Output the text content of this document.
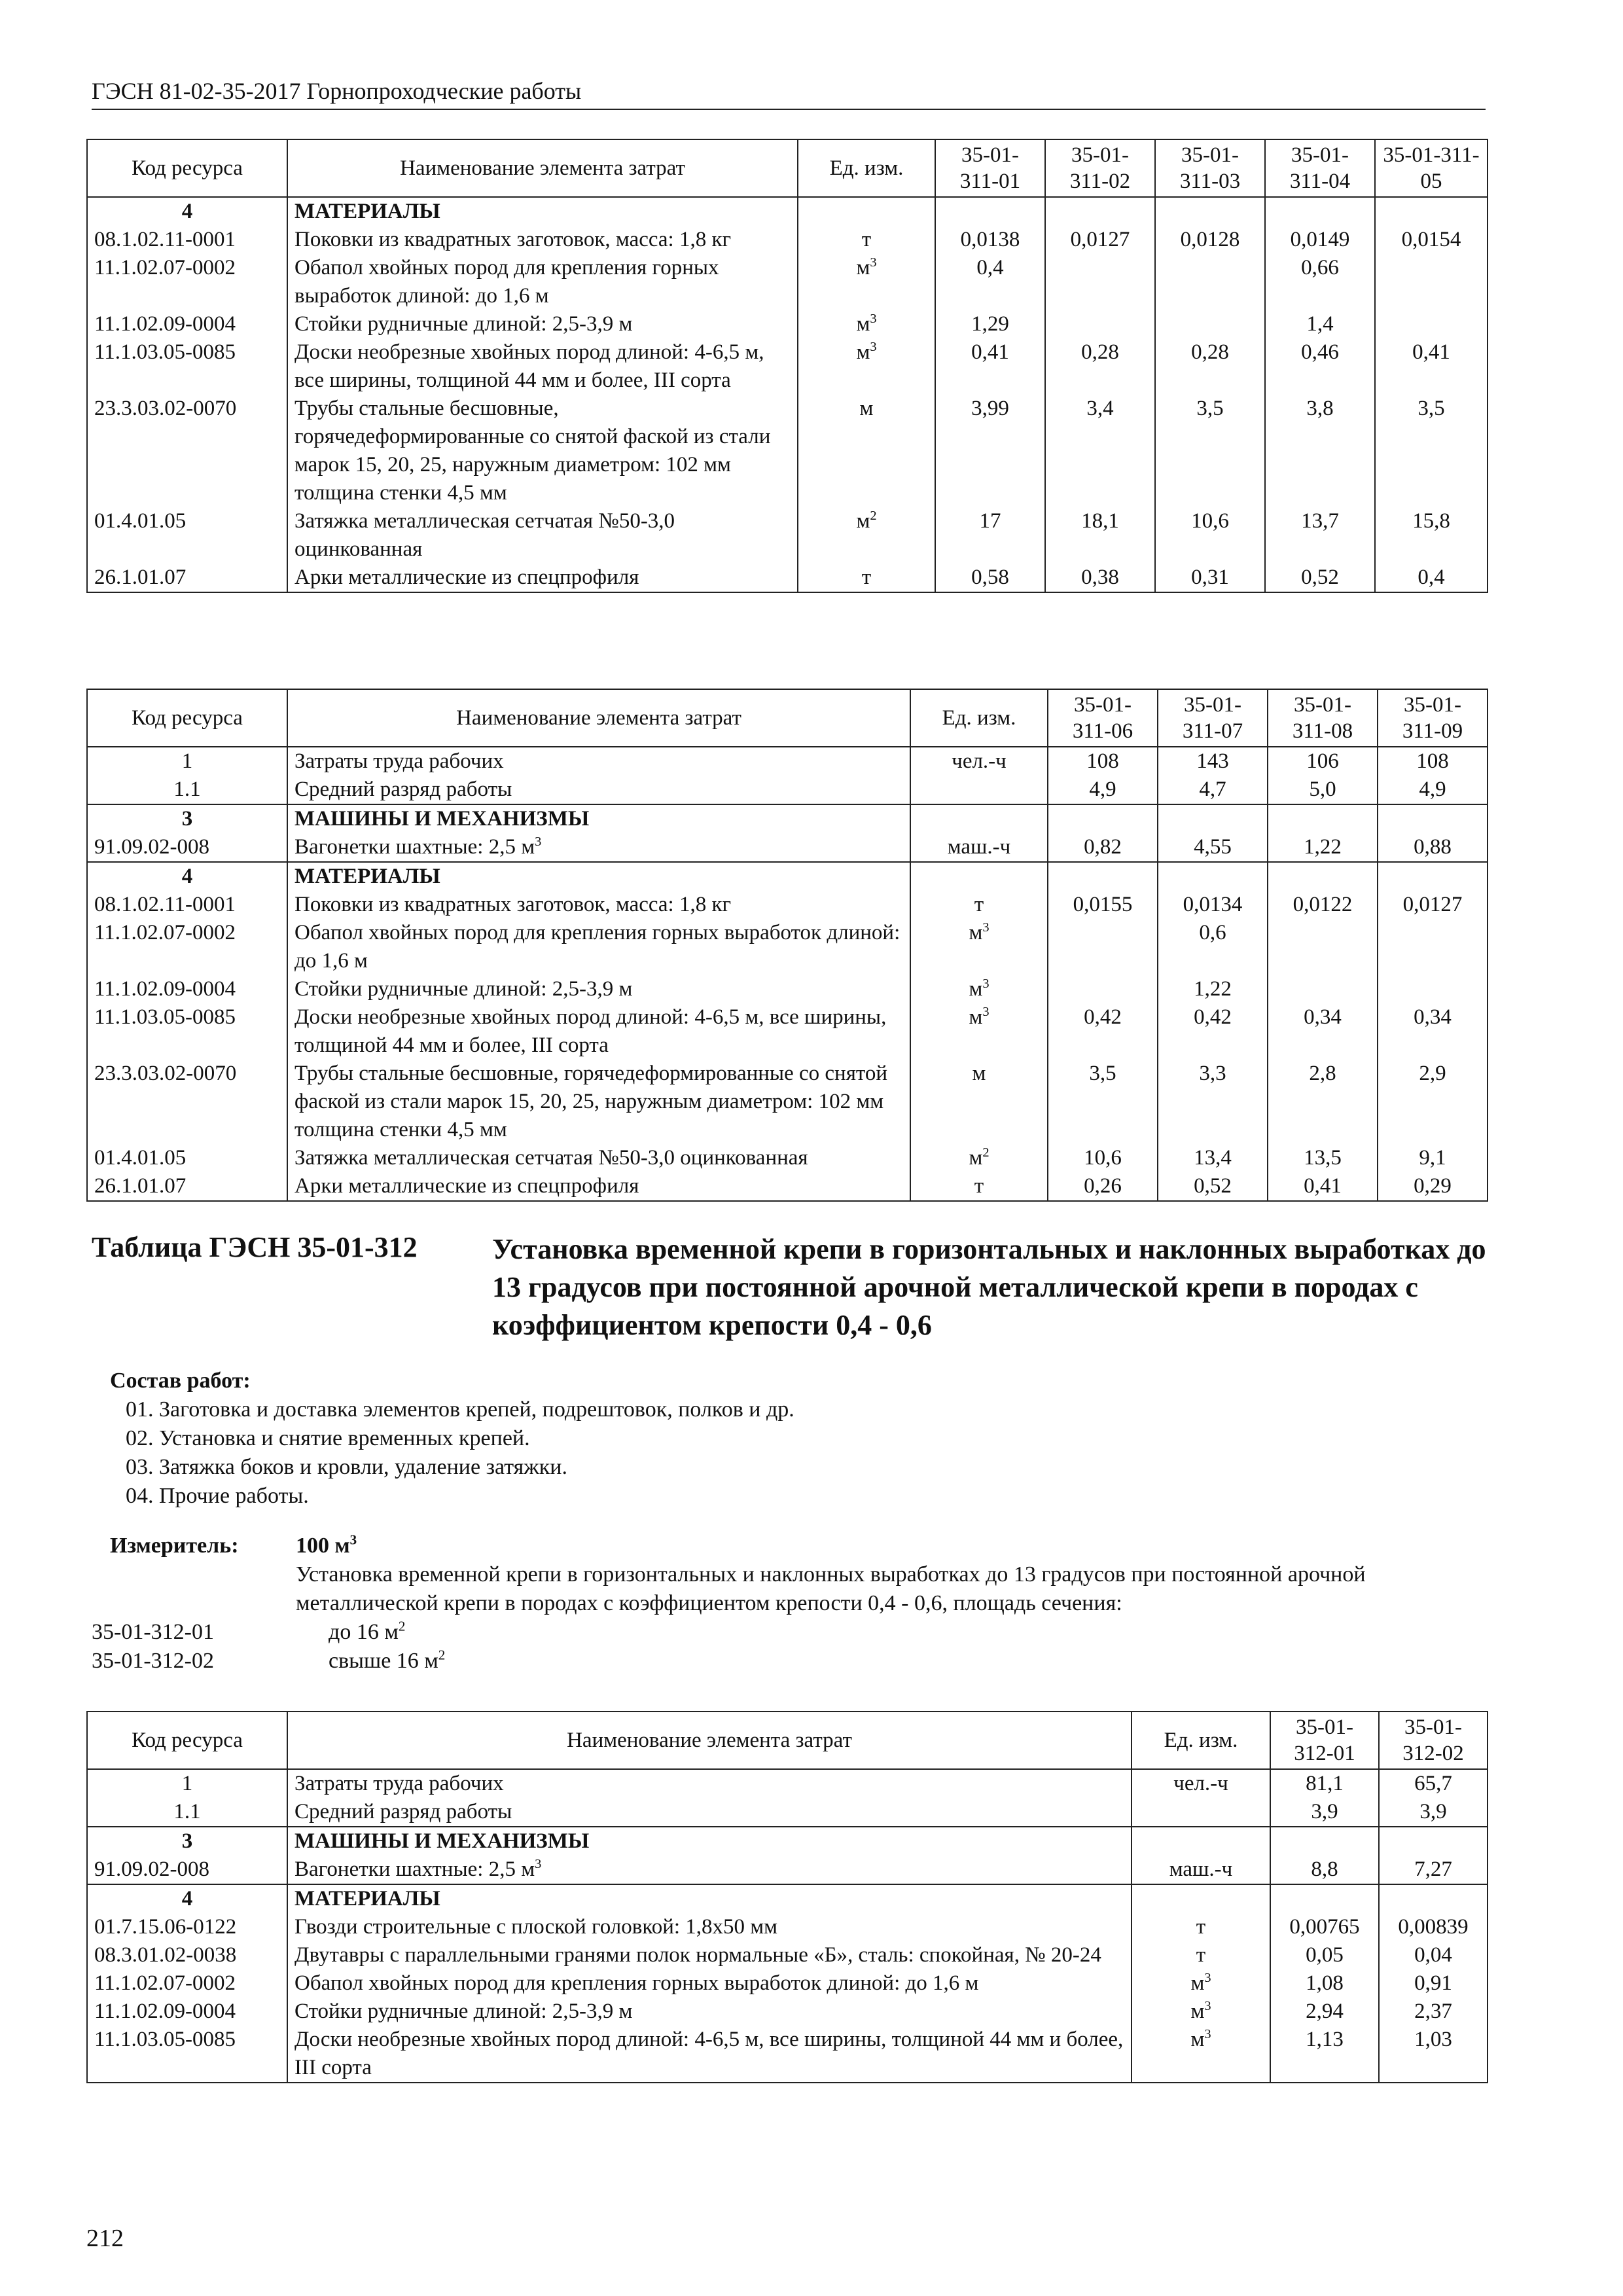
ГЭСН 81-02-35-2017 Горнопроходческие работы
Код ресурса	Наименование элемента затрат	Ед. изм.	35-01-311-01	35-01-311-02	35-01-311-03	35-01-311-04	35-01-311-05
4	МАТЕРИАЛЫ						
08.1.02.11-0001	Поковки из квадратных заготовок, масса: 1,8 кг	т	0,0138	0,0127	0,0128	0,0149	0,0154
11.1.02.07-0002	Обапол хвойных пород для крепления горных выработок длиной: до 1,6 м	$м^3$	0,4			0,66	
11.1.02.09-0004	Стойки рудничные длиной: 2,5-3,9 м	$м^3$	1,29			1,4	
11.1.03.05-0085	Доски необрезные хвойных пород длиной: 4-6,5 м, все ширины, толщиной 44 мм и более, III сорта	$м^3$	0,41	0,28	0,28	0,46	0,41
23.3.03.02-0070	Трубы стальные бесшовные, горячедеформированные со снятой фаской из стали марок 15, 20, 25, наружным диаметром: 102 мм толщина стенки 4,5 мм	м	3,99	3,4	3,5	3,8	3,5
01.4.01.05	Затяжка металлическая сетчатая №50-3,0 оцинкованная	$м^2$	17	18,1	10,6	13,7	15,8
26.1.01.07	Арки металлические из спецпрофиля	т	0,58	0,38	0,31	0,52	0,4
Код ресурса	Наименование элемента затрат	Ед. изм.	35-01-311-06	35-01-311-07	35-01-311-08	35-01-311-09
1	Затраты труда рабочих	чел.-ч	108	143	106	108
1.1	Средний разряд работы		4,9	4,7	5,0	4,9
3	МАШИНЫ И МЕХАНИЗМЫ					
91.09.02-008	Вагонетки шахтные: 2,5 $м^3$	маш.-ч	0,82	4,55	1,22	0,88
4	МАТЕРИАЛЫ					
08.1.02.11-0001	Поковки из квадратных заготовок, масса: 1,8 кг	т	0,0155	0,0134	0,0122	0,0127
11.1.02.07-0002	Обапол хвойных пород для крепления горных выработок длиной: до 1,6 м	$м^3$		0,6		
11.1.02.09-0004	Стойки рудничные длиной: 2,5-3,9 м	$м^3$		1,22		
11.1.03.05-0085	Доски необрезные хвойных пород длиной: 4-6,5 м, все ширины, толщиной 44 мм и более, III сорта	$м^3$	0,42	0,42	0,34	0,34
23.3.03.02-0070	Трубы стальные бесшовные, горячедеформированные со снятой фаской из стали марок 15, 20, 25, наружным диаметром: 102 мм толщина стенки 4,5 мм	м	3,5	3,3	2,8	2,9
01.4.01.05	Затяжка металлическая сетчатая №50-3,0 оцинкованная	$м^2$	10,6	13,4	13,5	9,1
26.1.01.07	Арки металлические из спецпрофиля	т	0,26	0,52	0,41	0,29
Таблица ГЭСН 35-01-312	Установка временной крепи в горизонтальных и наклонных выработках до 13 градусов при постоянной арочной металлической крепи в породах с коэффициентом крепости 0,4 - 0,6
Состав работ:
01. Заготовка и доставка элементов крепей, подрештовок, полков и др.
02. Установка и снятие временных крепей.
03. Затяжка боков и кровли, удаление затяжки.
04. Прочие работы.
Измеритель:	100 $м^3$
Установка временной крепи в горизонтальных и наклонных выработках до 13 градусов при постоянной арочной металлической крепи в породах с коэффициентом крепости 0,4 - 0,6, площадь сечения:
35-01-312-01	до 16 $м^2$
35-01-312-02	свыше 16 $м^2$
Код ресурса	Наименование элемента затрат	Ед. изм.	35-01-312-01	35-01-312-02
1	Затраты труда рабочих	чел.-ч	81,1	65,7
1.1	Средний разряд работы		3,9	3,9
3	МАШИНЫ И МЕХАНИЗМЫ			
91.09.02-008	Вагонетки шахтные: 2,5 $м^3$	маш.-ч	8,8	7,27
4	МАТЕРИАЛЫ			
01.7.15.06-0122	Гвозди строительные с плоской головкой: 1,8x50 мм	т	0,00765	0,00839
08.3.01.02-0038	Двутавры с параллельными гранями полок нормальные «Б», сталь: спокойная, № 20-24	т	0,05	0,04
11.1.02.07-0002	Обапол хвойных пород для крепления горных выработок длиной: до 1,6 м	$м^3$	1,08	0,91
11.1.02.09-0004	Стойки рудничные длиной: 2,5-3,9 м	$м^3$	2,94	2,37
11.1.03.05-0085	Доски необрезные хвойных пород длиной: 4-6,5 м, все ширины, толщиной 44 мм и более, III сорта	$м^3$	1,13	1,03
212
